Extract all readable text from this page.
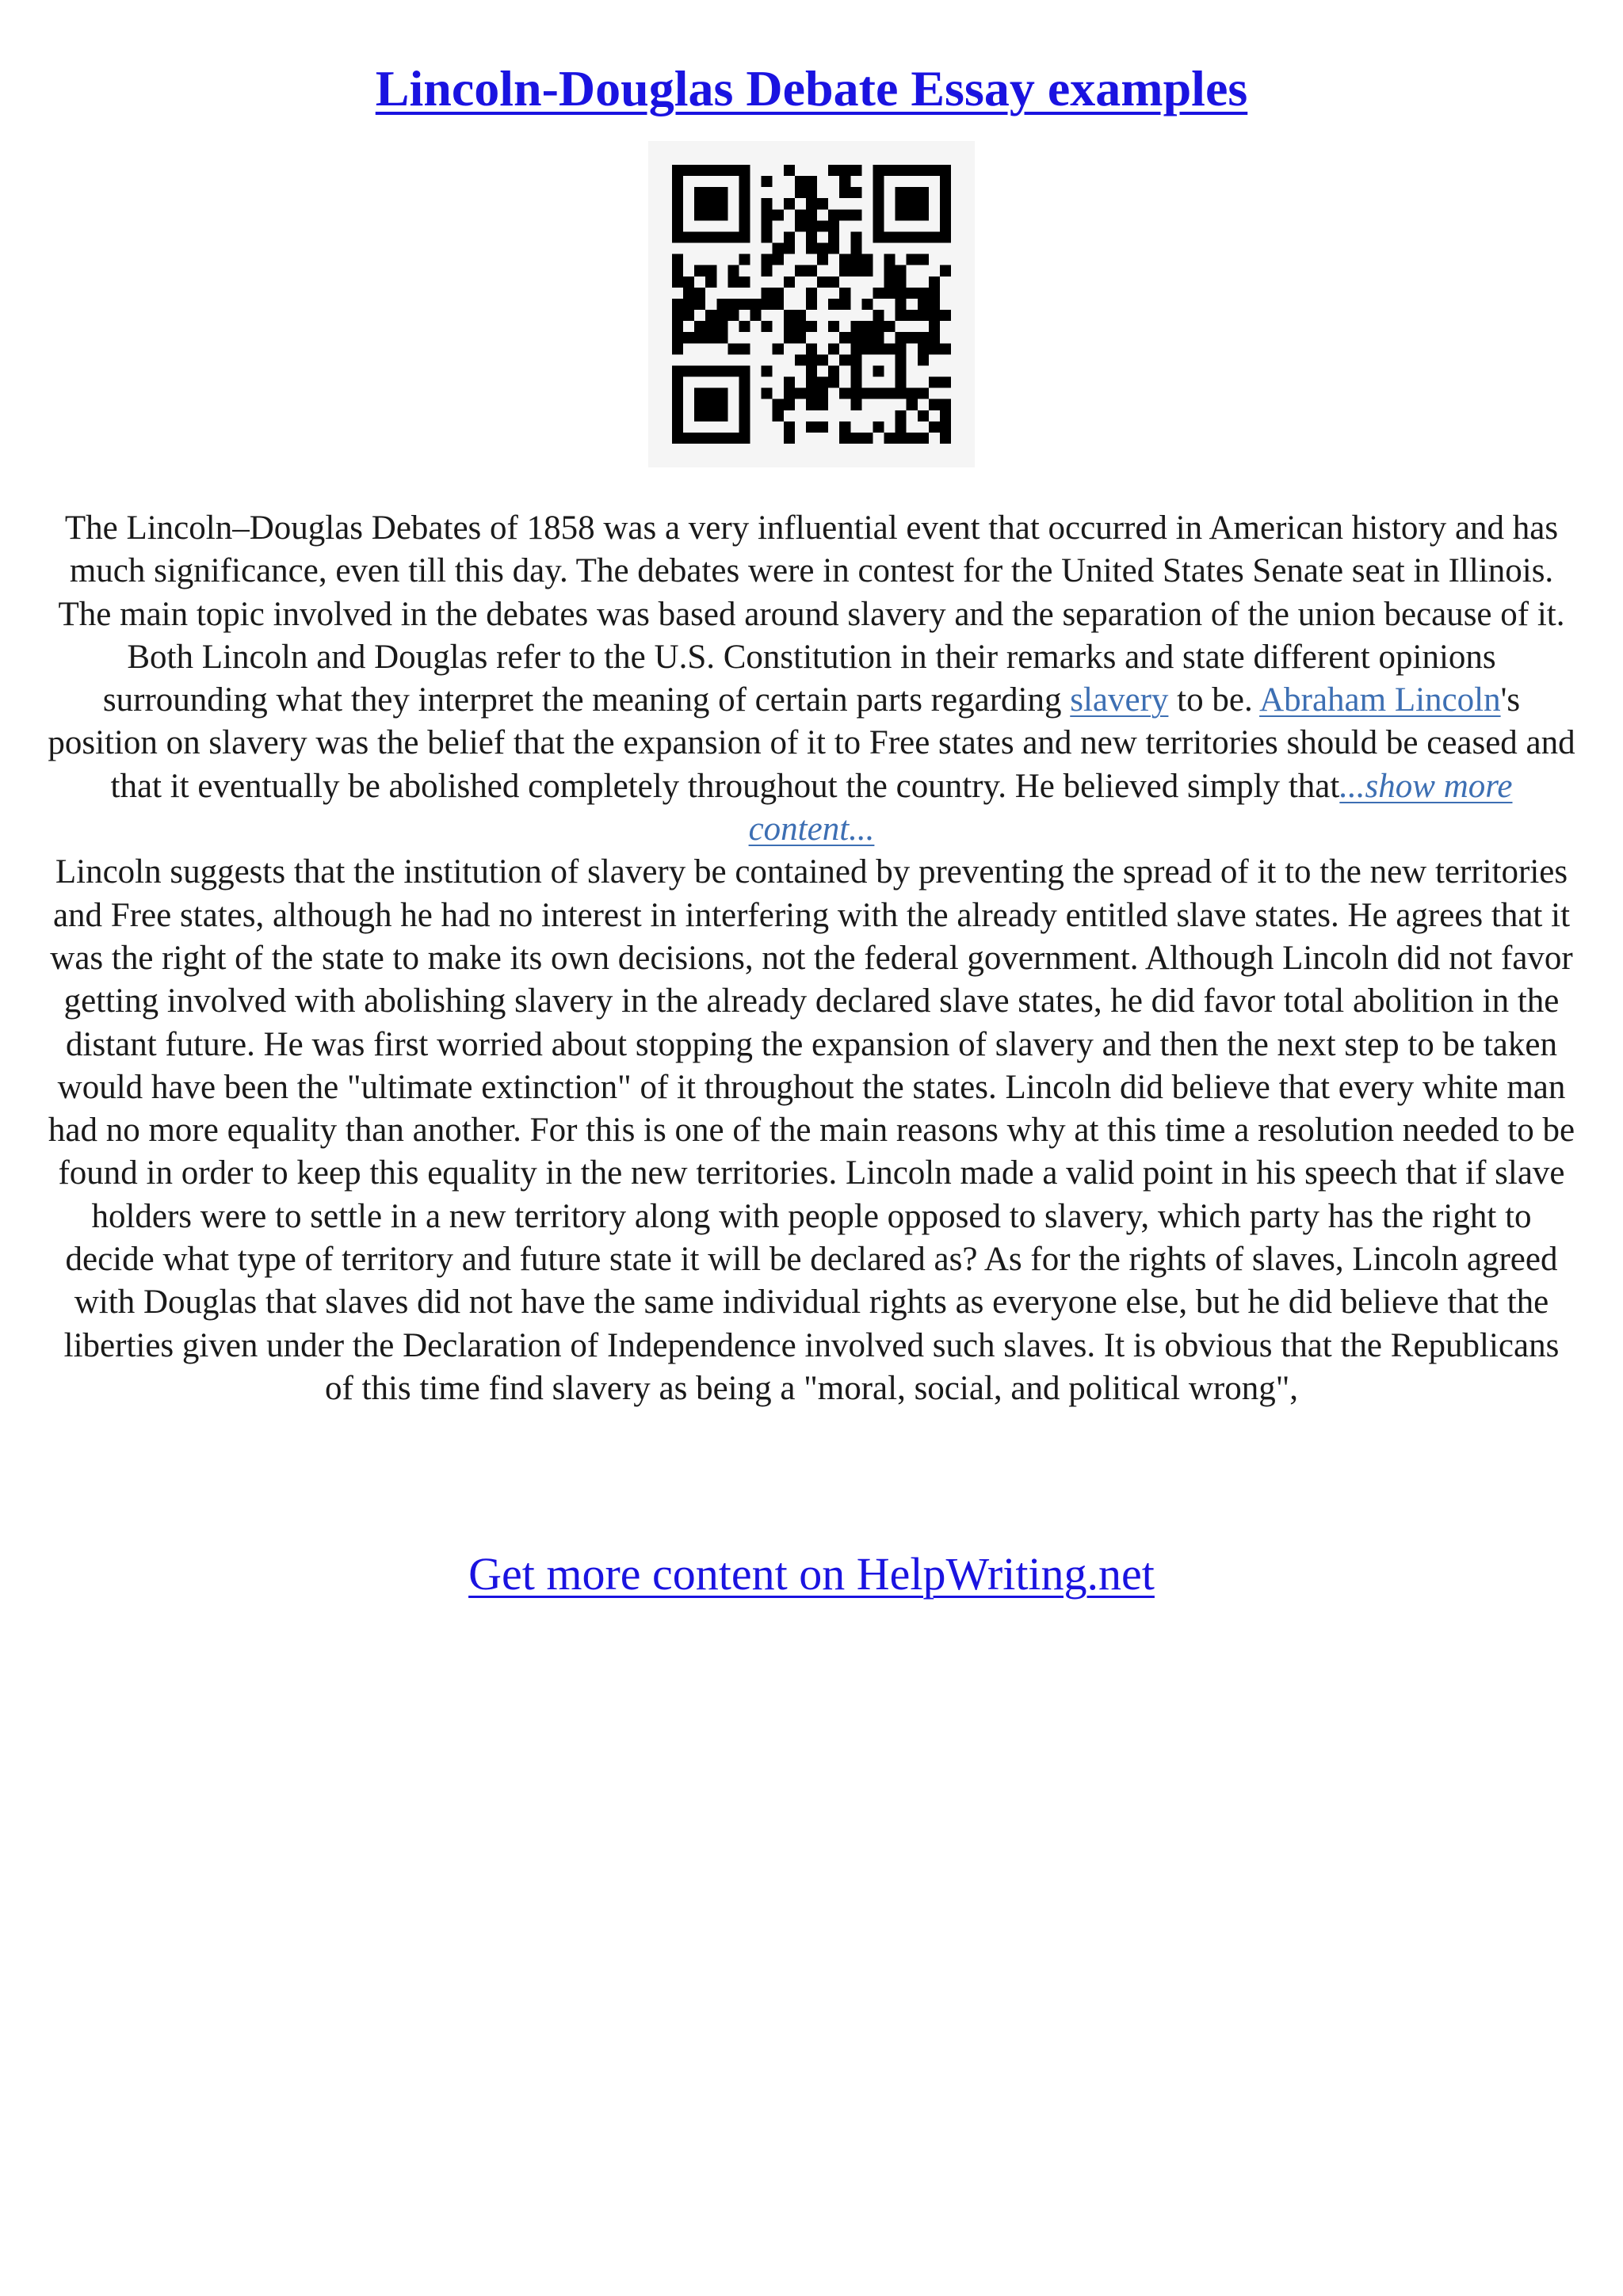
Lincoln-Douglas Debate Essay examples

The Lincoln–Douglas Debates of 1858 was a very influential event that occurred in American history and has much significance, even till this day. The debates were in contest for the United States Senate seat in Illinois. The main topic involved in the debates was based around slavery and the separation of the union because of it. Both Lincoln and Douglas refer to the U.S. Constitution in their remarks and state different opinions surrounding what they interpret the meaning of certain parts regarding slavery to be. Abraham Lincoln's position on slavery was the belief that the expansion of it to Free states and new territories should be ceased and that it eventually be abolished completely throughout the country. He believed simply that...show more content...

Lincoln suggests that the institution of slavery be contained by preventing the spread of it to the new territories and Free states, although he had no interest in interfering with the already entitled slave states. He agrees that it was the right of the state to make its own decisions, not the federal government. Although Lincoln did not favor getting involved with abolishing slavery in the already declared slave states, he did favor total abolition in the distant future. He was first worried about stopping the expansion of slavery and then the next step to be taken would have been the "ultimate extinction" of it throughout the states. Lincoln did believe that every white man had no more equality than another. For this is one of the main reasons why at this time a resolution needed to be found in order to keep this equality in the new territories. Lincoln made a valid point in his speech that if slave holders were to settle in a new territory along with people opposed to slavery, which party has the right to decide what type of territory and future state it will be declared as? As for the rights of slaves, Lincoln agreed with Douglas that slaves did not have the same individual rights as everyone else, but he did believe that the liberties given under the Declaration of Independence involved such slaves. It is obvious that the Republicans of this time find slavery as being a "moral, social, and political wrong",

Get more content on HelpWriting.net
